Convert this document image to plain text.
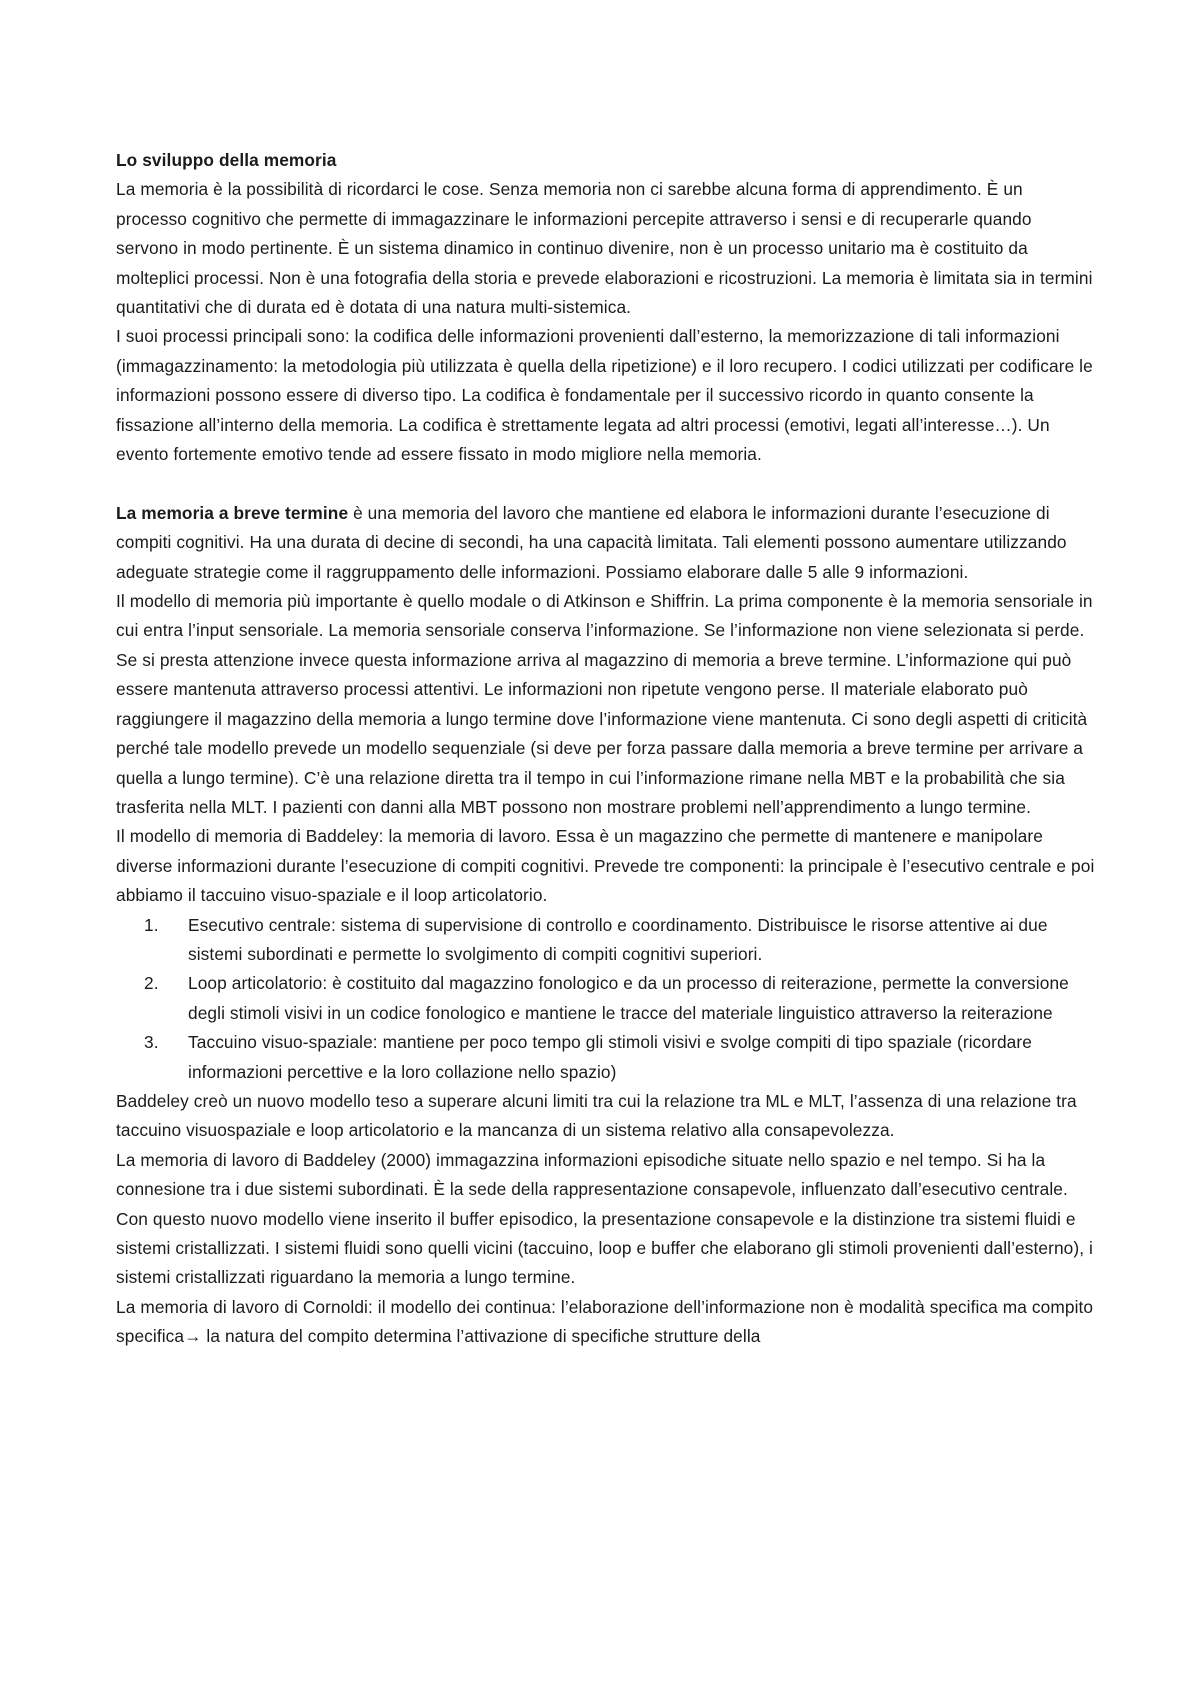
Lo sviluppo della memoria

La memoria è la possibilità di ricordarci le cose. Senza memoria non ci sarebbe alcuna forma di apprendimento. È un processo cognitivo che permette di immagazzinare le informazioni percepite attraverso i sensi e di recuperarle quando servono in modo pertinente. È un sistema dinamico in continuo divenire, non è un processo unitario ma è costituito da molteplici processi. Non è una fotografia della storia e prevede elaborazioni e ricostruzioni. La memoria è limitata sia in termini quantitativi che di durata ed è dotata di una natura multi-sistemica.

I suoi processi principali sono: la codifica delle informazioni provenienti dall’esterno, la memorizzazione di tali informazioni (immagazzinamento: la metodologia più utilizzata è quella della ripetizione) e il loro recupero. I codici utilizzati per codificare le informazioni possono essere di diverso tipo. La codifica è fondamentale per il successivo ricordo in quanto consente la fissazione all’interno della memoria. La codifica è strettamente legata ad altri processi (emotivi, legati all’interesse…). Un evento fortemente emotivo tende ad essere fissato in modo migliore nella memoria.

La memoria a breve termine è una memoria del lavoro che mantiene ed elabora le informazioni durante l’esecuzione di compiti cognitivi. Ha una durata di decine di secondi, ha una capacità limitata. Tali elementi possono aumentare utilizzando adeguate strategie come il raggruppamento delle informazioni. Possiamo elaborare dalle 5 alle 9 informazioni.

Il modello di memoria più importante è quello modale o di Atkinson e Shiffrin. La prima componente è la memoria sensoriale in cui entra l’input sensoriale. La memoria sensoriale conserva l’informazione. Se l’informazione non viene selezionata si perde. Se si presta attenzione invece questa informazione arriva al magazzino di memoria a breve termine. L’informazione qui può essere mantenuta attraverso processi attentivi. Le informazioni non ripetute vengono perse. Il materiale elaborato può raggiungere il magazzino della memoria a lungo termine dove l’informazione viene mantenuta. Ci sono degli aspetti di criticità perché tale modello prevede un modello sequenziale (si deve per forza passare dalla memoria a breve termine per arrivare a quella a lungo termine). C’è una relazione diretta tra il tempo in cui l’informazione rimane nella MBT e la probabilità che sia trasferita nella MLT. I pazienti con danni alla MBT possono non mostrare problemi nell’apprendimento a lungo termine.

Il modello di memoria di Baddeley: la memoria di lavoro. Essa è un magazzino che permette di mantenere e manipolare diverse informazioni durante l’esecuzione di compiti cognitivi. Prevede tre componenti: la principale è l’esecutivo centrale e poi abbiamo il taccuino visuo-spaziale e il loop articolatorio.

1. Esecutivo centrale: sistema di supervisione di controllo e coordinamento. Distribuisce le risorse attentive ai due sistemi subordinati e permette lo svolgimento di compiti cognitivi superiori.
2. Loop articolatorio: è costituito dal magazzino fonologico e da un processo di reiterazione, permette la conversione degli stimoli visivi in un codice fonologico e mantiene le tracce del materiale linguistico attraverso la reiterazione
3. Taccuino visuo-spaziale: mantiene per poco tempo gli stimoli visivi e svolge compiti di tipo spaziale (ricordare informazioni percettive e la loro collazione nello spazio)

Baddeley creò un nuovo modello teso a superare alcuni limiti tra cui la relazione tra ML e MLT, l’assenza di una relazione tra taccuino visuospaziale e loop articolatorio e la mancanza di un sistema relativo alla consapevolezza.

La memoria di lavoro di Baddeley (2000) immagazzina informazioni episodiche situate nello spazio e nel tempo. Si ha la connesione tra i due sistemi subordinati. È la sede della rappresentazione consapevole, influenzato dall’esecutivo centrale.

Con questo nuovo modello viene inserito il buffer episodico, la presentazione consapevole e la distinzione tra sistemi fluidi e sistemi cristallizzati. I sistemi fluidi sono quelli vicini (taccuino, loop e buffer che elaborano gli stimoli provenienti dall’esterno), i sistemi cristallizzati riguardano la memoria a lungo termine.

La memoria di lavoro di Cornoldi: il modello dei continua: l’elaborazione dell’informazione non è modalità specifica ma compito specifica→ la natura del compito determina l’attivazione di specifiche strutture della
